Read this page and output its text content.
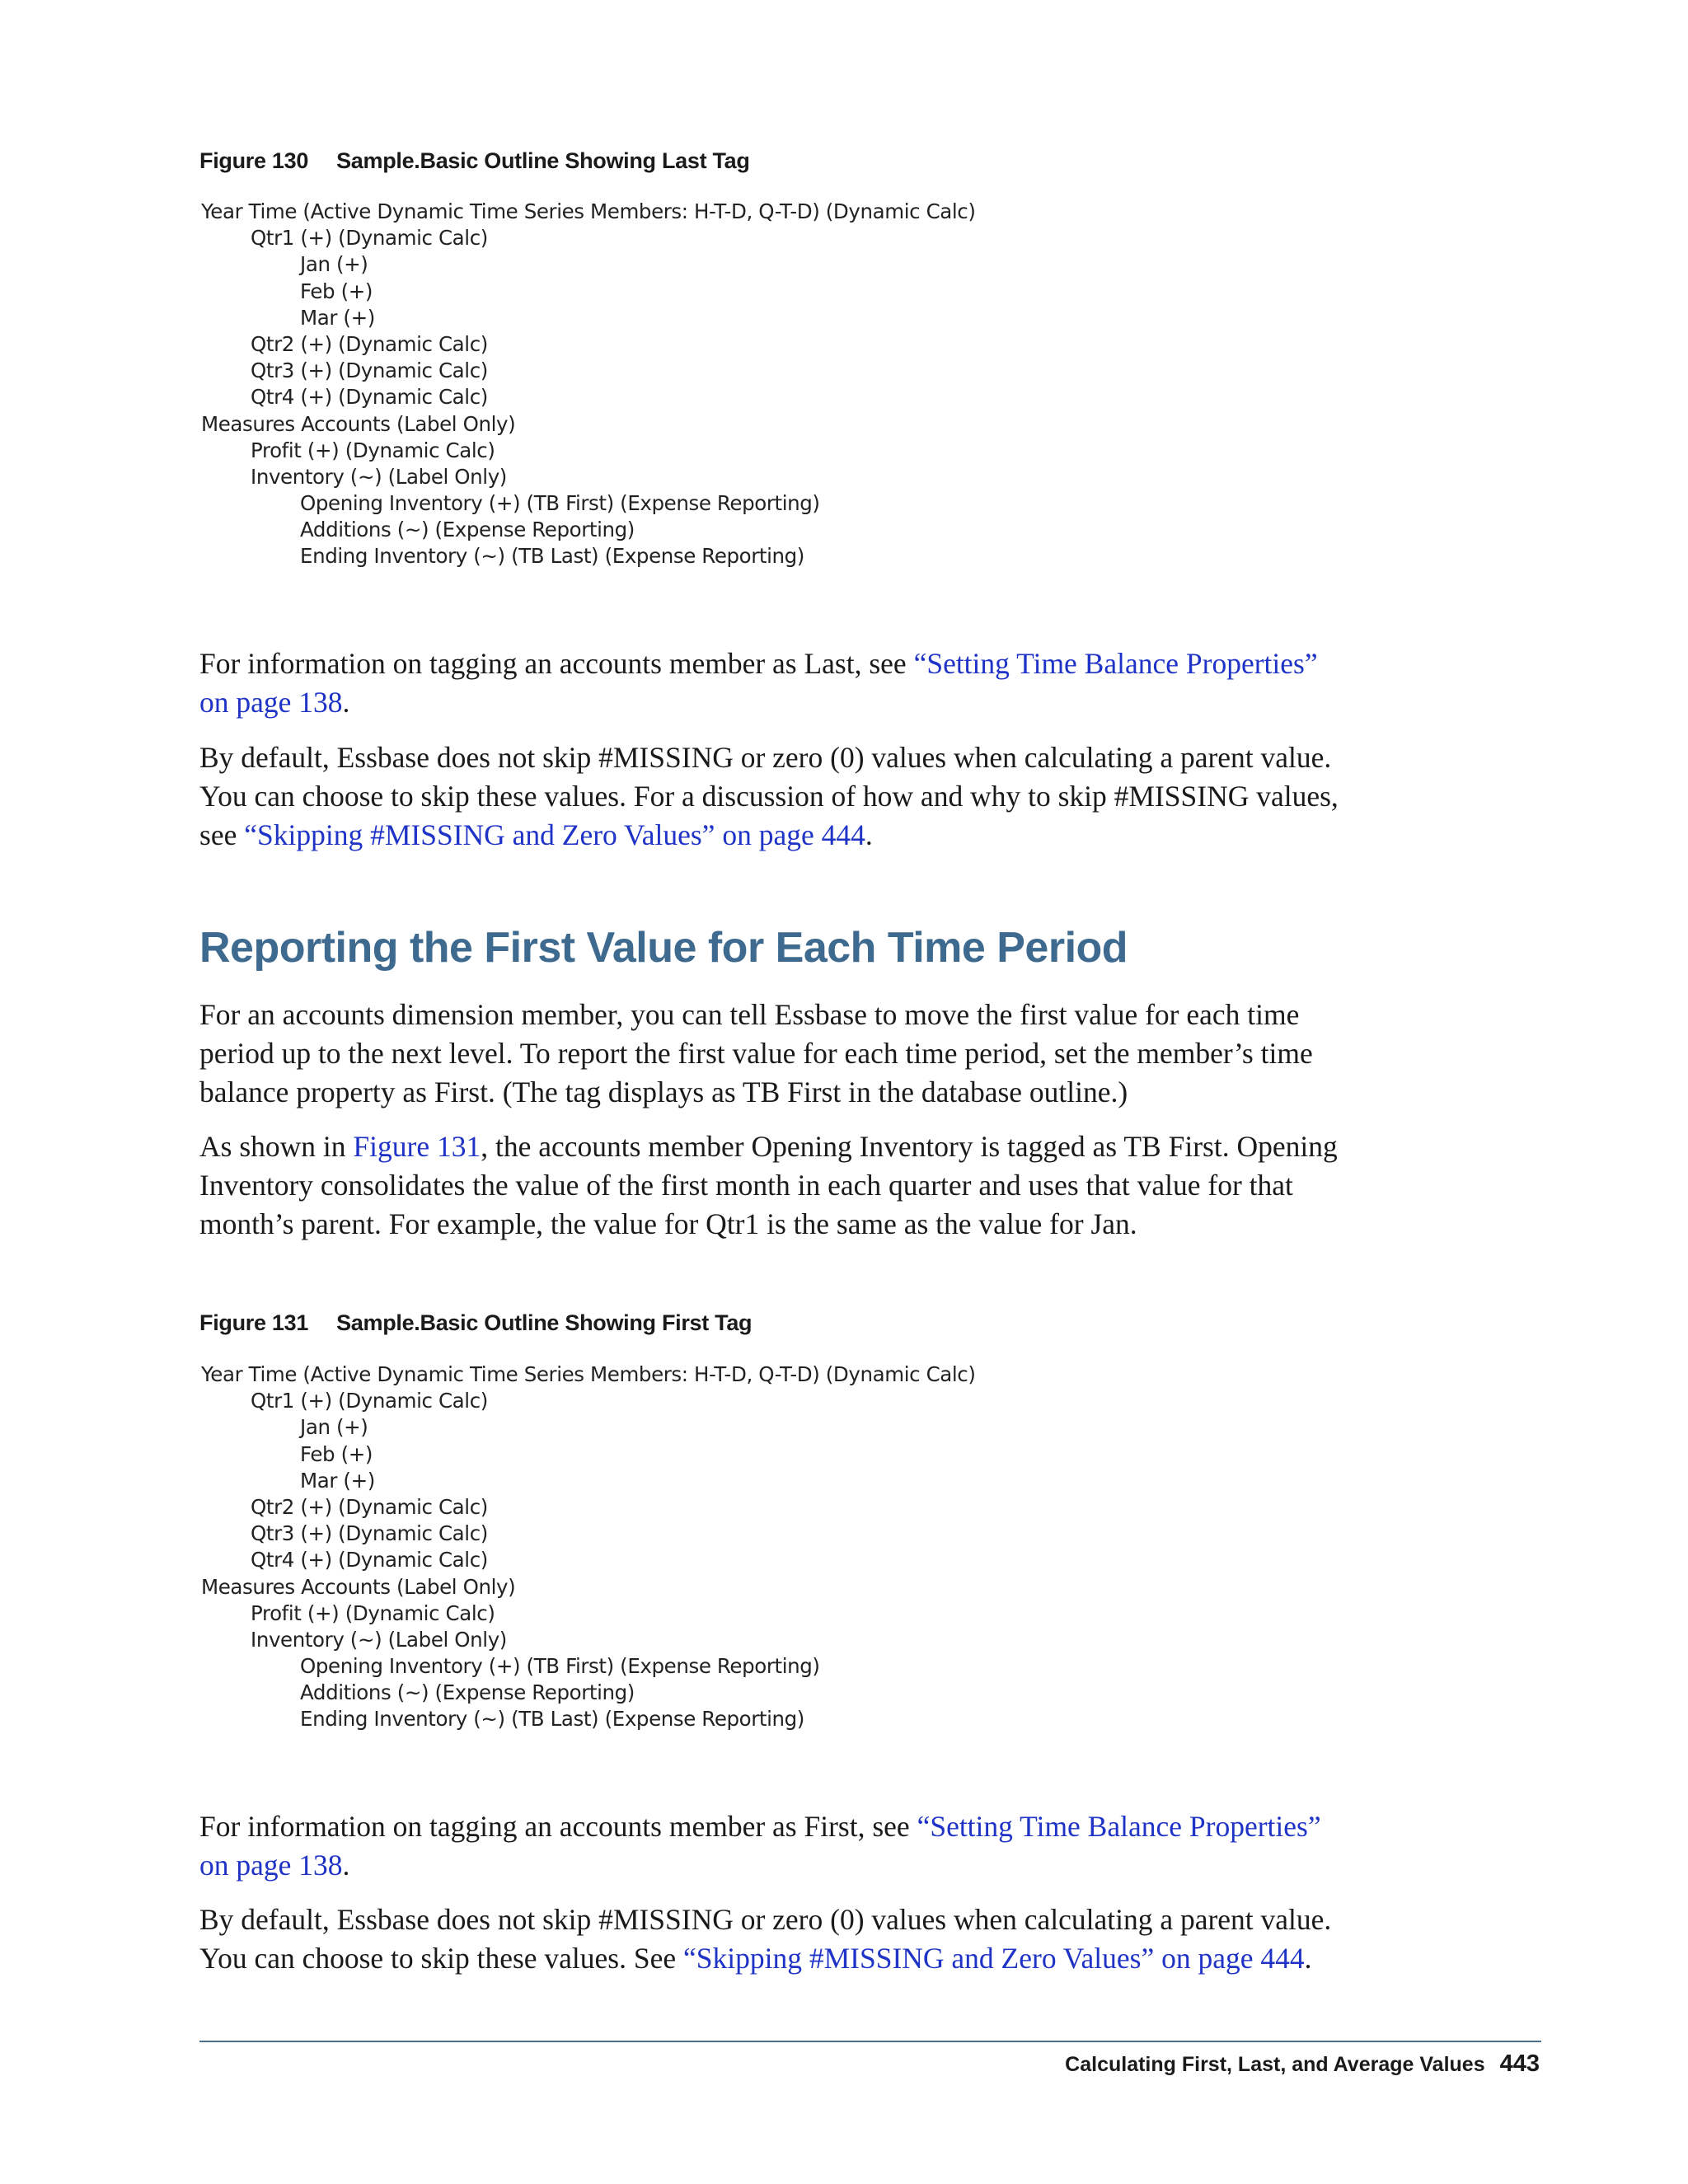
Figure 130 Sample.Basic Outline Showing Last Tag
Year Time (Active Dynamic Time Series Members: H-T-D, Q-T-D) (Dynamic Calc)
Qtr1 (+) (Dynamic Calc)
Jan (+)
Feb (+)
Mar (+)
Qtr2 (+) (Dynamic Calc)
Qtr3 (+) (Dynamic Calc)
Qtr4 (+) (Dynamic Calc)
Measures Accounts (Label Only)
Profit (+) (Dynamic Calc)
Inventory (~) (Label Only)
Opening Inventory (+) (TB First) (Expense Reporting)
Additions (~) (Expense Reporting)
Ending Inventory (~) (TB Last) (Expense Reporting)
For information on tagging an accounts member as Last, see “Setting Time Balance Properties” on page 138.
By default, Essbase does not skip #MISSING or zero (0) values when calculating a parent value. You can choose to skip these values. For a discussion of how and why to skip #MISSING values, see “Skipping #MISSING and Zero Values” on page 444.
Reporting the First Value for Each Time Period
For an accounts dimension member, you can tell Essbase to move the first value for each time period up to the next level. To report the first value for each time period, set the member’s time balance property as First. (The tag displays as TB First in the database outline.)
As shown in Figure 131, the accounts member Opening Inventory is tagged as TB First. Opening Inventory consolidates the value of the first month in each quarter and uses that value for that month’s parent. For example, the value for Qtr1 is the same as the value for Jan.
Figure 131 Sample.Basic Outline Showing First Tag
Year Time (Active Dynamic Time Series Members: H-T-D, Q-T-D) (Dynamic Calc)
Qtr1 (+) (Dynamic Calc)
Jan (+)
Feb (+)
Mar (+)
Qtr2 (+) (Dynamic Calc)
Qtr3 (+) (Dynamic Calc)
Qtr4 (+) (Dynamic Calc)
Measures Accounts (Label Only)
Profit (+) (Dynamic Calc)
Inventory (~) (Label Only)
Opening Inventory (+) (TB First) (Expense Reporting)
Additions (~) (Expense Reporting)
Ending Inventory (~) (TB Last) (Expense Reporting)
For information on tagging an accounts member as First, see “Setting Time Balance Properties” on page 138.
By default, Essbase does not skip #MISSING or zero (0) values when calculating a parent value. You can choose to skip these values. See “Skipping #MISSING and Zero Values” on page 444.
Calculating First, Last, and Average Values 443
